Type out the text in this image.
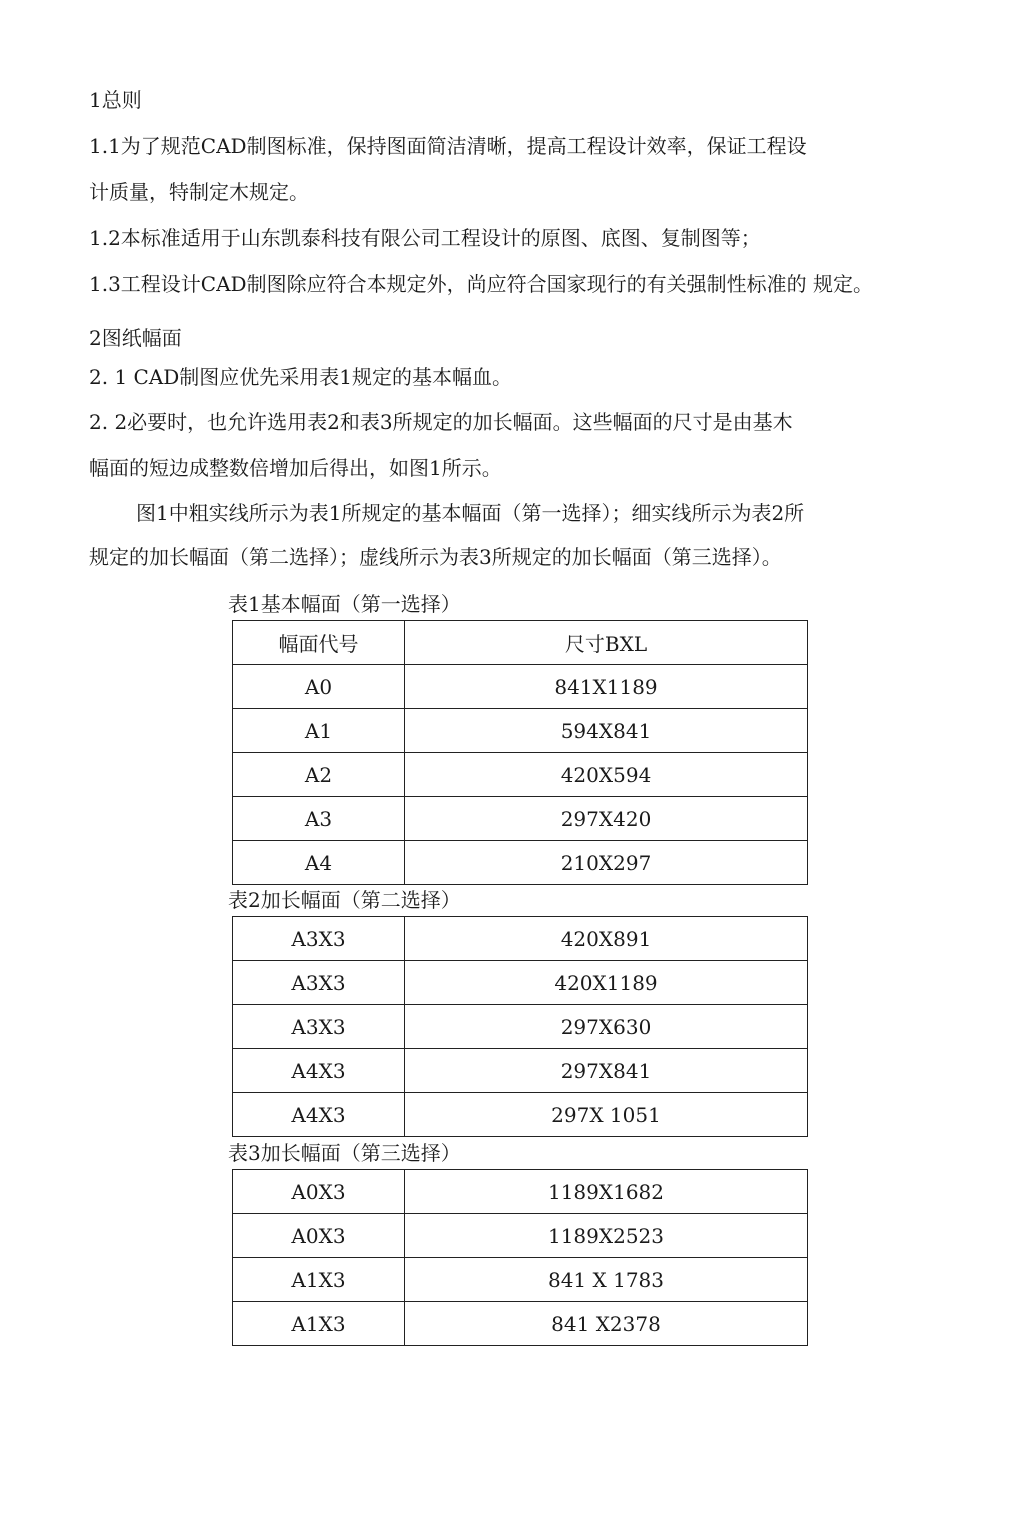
1总则
1.1为了规范CAD制图标准，保持图面简洁清晰，提高工程设计效率，保证工程设
计质量，特制定木规定。
1.2本标准适用于山东凯泰科技有限公司工程设计的原图、底图、复制图等；
1.3工程设计CAD制图除应符合本规定外，尚应符合国家现行的有关强制性标准的 规定。
2图纸幅面
2. 1 CAD制图应优先采用表1规定的基本幅血。
2. 2必要时，也允许选用表2和表3所规定的加长幅面。这些幅面的尺寸是由基木
幅面的短边成整数倍增加后得出，如图1所示。
图1中粗实线所示为表1所规定的基本幅面（第一选择）；细实线所示为表2所
规定的加长幅面（第二选择）；虚线所示为表3所规定的加长幅面（第三选择）。
表1基本幅面（第一选择）
幅面代号	尺寸BXL
A0	841X1189
A1	594X841
A2	420X594
A3	297X420
A4	210X297
表2加长幅面（第二选择）
A3X3	420X891
A3X3	420X1189
A3X3	297X630
A4X3	297X841
A4X3	297X 1051
表3加长幅面（第三选择）
A0X3	1189X1682
A0X3	1189X2523
A1X3	841 X 1783
A1X3	841 X2378
